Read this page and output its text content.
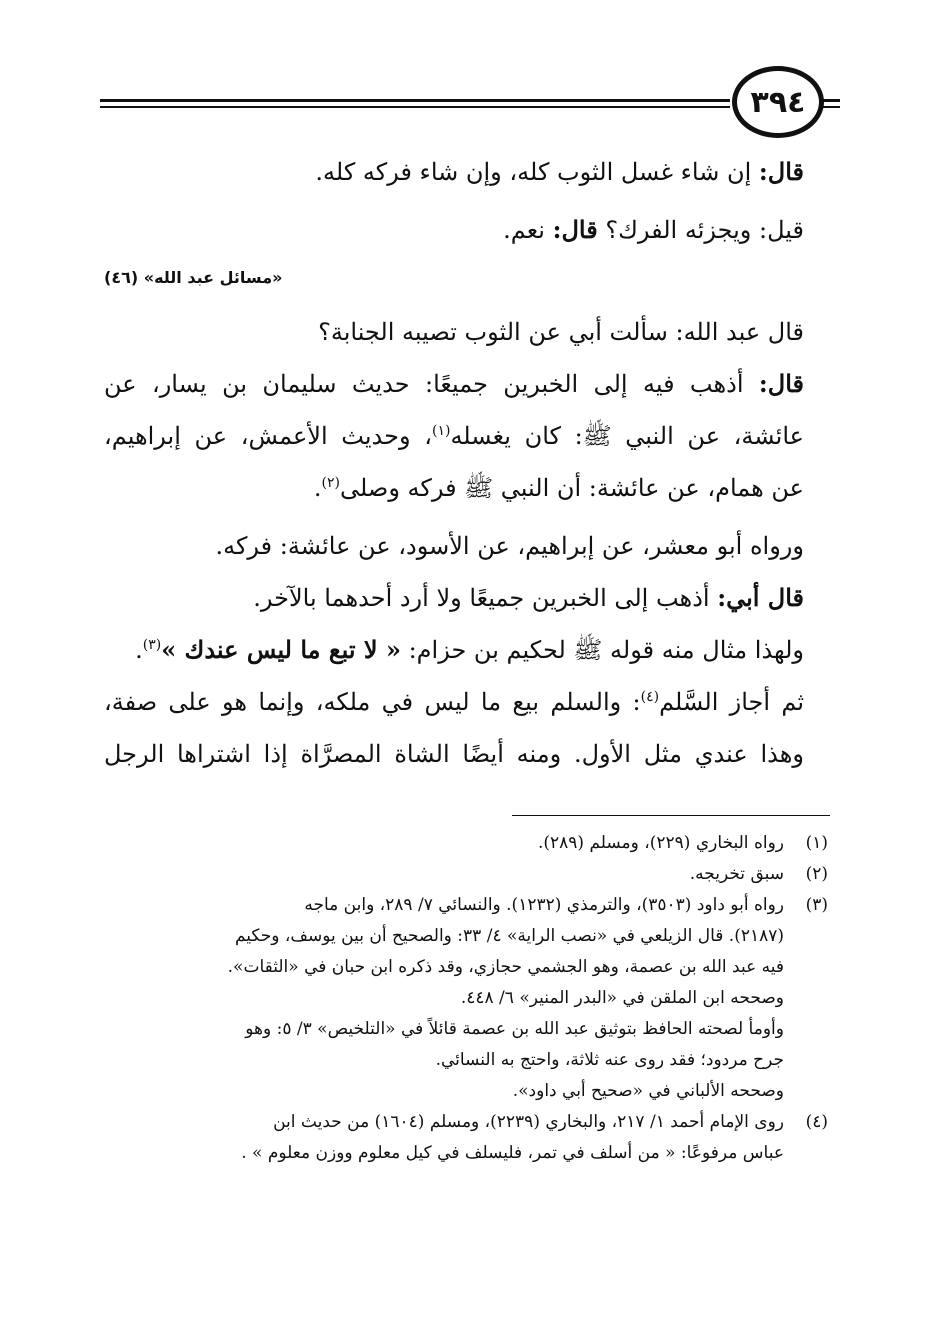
٣٩٤
قال: إن شاء غسل الثوب كله، وإن شاء فركه كله.
قيل: ويجزئه الفرك؟ قال: نعم.
«مسائل عبد الله» (٤٦)
قال عبد الله: سألت أبي عن الثوب تصيبه الجنابة؟
قال: أذهب فيه إلى الخبرين جميعًا: حديث سليمان بن يسار، عن
عائشة، عن النبي ﷺ: كان يغسله$^{(١)}$، وحديث الأعمش، عن إبراهيم،
عن همام، عن عائشة: أن النبي ﷺ فركه وصلى$^{(٢)}$.
ورواه أبو معشر، عن إبراهيم، عن الأسود، عن عائشة: فركه.
قال أبي: أذهب إلى الخبرين جميعًا ولا أرد أحدهما بالآخر.
ولهذا مثال منه قوله ﷺ لحكيم بن حزام: « لا تبع ما ليس عندك »$^{(٣)}$.
ثم أجاز السَّلم$^{(٤)}$: والسلم بيع ما ليس في ملكه، وإنما هو على صفة،
وهذا عندي مثل الأول. ومنه أيضًا الشاة المصرَّاة إذا اشتراها الرجل
(١)
رواه البخاري (٢٢٩)، ومسلم (٢٨٩).
(٢)
سبق تخريجه.
(٣)
رواه أبو داود (٣٥٠٣)، والترمذي (١٢٣٢). والنسائي ٧/ ٢٨٩، وابن ماجه
(٢١٨٧). قال الزيلعي في «نصب الراية» ٤/ ٣٣: والصحيح أن بين يوسف، وحكيم
فيه عبد الله بن عصمة، وهو الجشمي حجازي، وقد ذكره ابن حبان في «الثقات».
وصححه ابن الملقن في «البدر المنير» ٦/ ٤٤٨.
وأومأ لصحته الحافظ بتوثيق عبد الله بن عصمة قائلاً في «التلخيص» ٣/ ٥: وهو
جرح مردود؛ فقد روى عنه ثلاثة، واحتج به النسائي.
وصححه الألباني في «صحيح أبي داود».
(٤)
روى الإمام أحمد ١/ ٢١٧، والبخاري (٢٢٣٩)، ومسلم (١٦٠٤) من حديث ابن
عباس مرفوعًا: « من أسلف في تمر، فليسلف في كيل معلوم ووزن معلوم » .
